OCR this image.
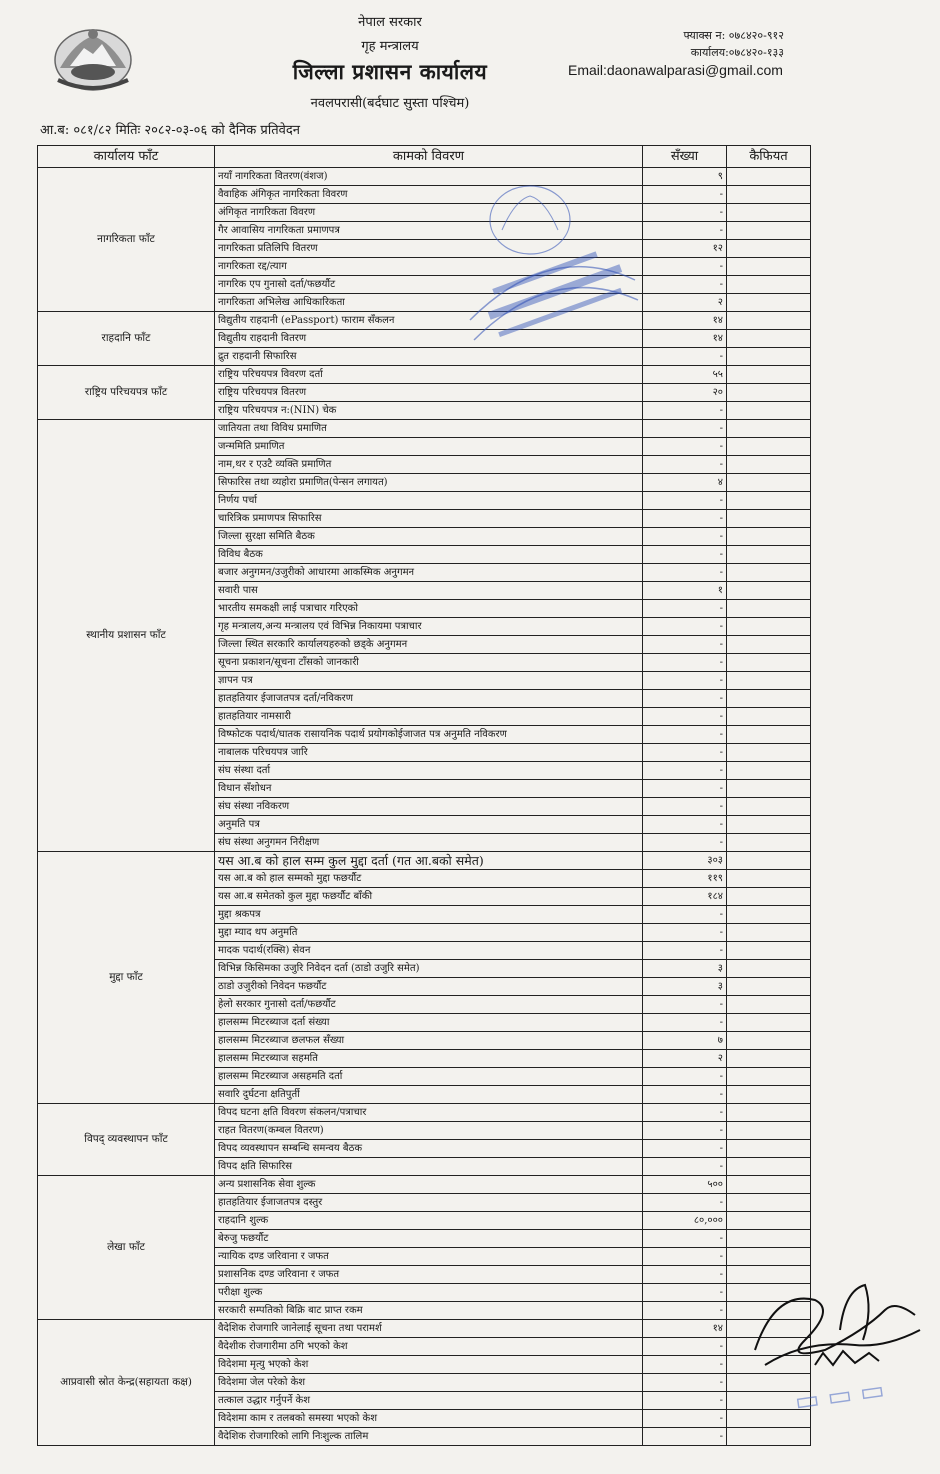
नेपाल सरकार
गृह मन्त्रालय
जिल्ला प्रशासन कार्यालय
नवलपरासी(बर्दघाट सुस्ता पश्चिम)
फ्याक्स न: ०७८४२०-९१२
कार्यालय:०७८४२०-१३३
Email:daonawalparasi@gmail.com
आ.ब: ०८१/८२ मितिः २०८२-०३-०६ को दैनिक प्रतिवेदन
कार्यालय फाँट	कामको विवरण	सँख्या	कैफियत
नागरिकता फाँट	नयाँ नागरिकता वितरण(वंशज)	९	
	वैवाहिक अंगिकृत नागरिकता विवरण	-	
	अंगिकृत नागरिकता विवरण	-	
	गैर आवासिय नागरिकता प्रमाणपत्र	-	
	नागरिकता प्रतिलिपि वितरण	१२	
	नागरिकता रद्द/त्याग	-	
	नागरिक एप गुनासो दर्ता/फछर्यौट	-	
	नागरिकता अभिलेख आधिकारिकता	२	
राहदानि फाँट	विद्युतीय राहदानी (ePassport) फाराम सँकलन	१४	
	विद्युतीय राहदानी वितरण	१४	
	द्रुत राहदानी सिफारिस	-	
राष्ट्रिय परिचयपत्र फाँट	राष्ट्रिय परिचयपत्र विवरण दर्ता	५५	
	राष्ट्रिय परिचयपत्र वितरण	२०	
	राष्ट्रिय परिचयपत्र न:(NIN) चेक	-	
स्थानीय प्रशासन फाँट	जातियता तथा विविध प्रमाणित	-	
	जन्ममिति प्रमाणित	-	
	नाम,थर र एउटै व्यक्ति प्रमाणित	-	
	सिफारिस तथा व्यहोरा प्रमाणित(पेन्सन लगायत)	४	
	निर्णय पर्चा	-	
	चारित्रिक प्रमाणपत्र सिफारिस	-	
	जिल्ला सुरक्षा समिति बैठक	-	
	विविध बैठक	-	
	बजार अनुगमन/उजुरीको आधारमा आकस्मिक अनुगमन	-	
	सवारी पास	१	
	भारतीय समकक्षी लाई पत्राचार गरिएको	-	
	गृह मन्त्रालय,अन्य मन्त्रालय एवं विभिन्न निकायमा पत्राचार	-	
	जिल्ला स्थित सरकारि कार्यालयहरुको छड्के अनुगमन	-	
	सूचना प्रकाशन/सूचना टाँसको जानकारी	-	
	ज्ञापन पत्र	-	
	हातहतियार ईजाजतपत्र दर्ता/नविकरण	-	
	हातहतियार नामसारी	-	
	विष्फोटक पदार्थ/घातक रासायनिक पदार्थ प्रयोगकोईजाजत पत्र अनुमति नविकरण	-	
	नाबालक परिचयपत्र जारि	-	
	संघ संस्था दर्ता	-	
	विधान सँशोधन	-	
	संघ संस्था नविकरण	-	
	अनुमति पत्र	-	
	संघ संस्था अनुगमन निरीक्षण	-	
मुद्दा फाँट	यस आ.ब को हाल सम्म कुल मुद्दा दर्ता (गत आ.बको समेत)	३०३	
	यस आ.ब को हाल सम्मको मुद्दा फछर्यौट	११९	
	यस आ.ब समेतको कुल मुद्दा फछर्यौट बाँकी	१८४	
	मुद्दा श्रकपत्र	-	
	मुद्दा म्याद थप अनुमति	-	
	मादक पदार्थ(रक्सि) सेवन	-	
	विभिन्न किसिमका उजुरि निवेदन दर्ता (ठाडो उजुरि समेत)	३	
	ठाडो उजुरीको निवेदन फछर्यौट	३	
	हेलो सरकार गुनासो दर्ता/फछर्यौट	-	
	हालसम्म मिटरब्याज दर्ता संख्या	-	
	हालसम्म मिटरब्याज छलफल सँख्या	७	
	हालसम्म मिटरब्याज सहमति	२	
	हालसम्म मिटरब्याज असहमति दर्ता	-	
	सवारि दुर्घटना क्षतिपुर्ती	-	
विपद् व्यवस्थापन फाँट	विपद घटना क्षति विवरण संकलन/पत्राचार	-	
	राहत वितरण(कम्बल वितरण)	-	
	विपद व्यवस्थापन सम्बन्धि समन्वय बैठक	-	
	विपद क्षति सिफारिस	-	
लेखा फाँट	अन्य प्रशासनिक सेवा शुल्क	५००	
	हातहतियार ईजाजतपत्र दस्तुर	-	
	राहदानि शुल्क	८०,०००	
	बेरुजु फछर्यौट	-	
	न्यायिक दण्ड जरिवाना र जफत	-	
	प्रशासनिक दण्ड जरिवाना र जफत	-	
	परीक्षा शुल्क	-	
	सरकारी सम्पतिको बिक्रि बाट प्राप्त रकम	-	
आप्रवासी स्रोत केन्द्र(सहायता कक्ष)	वैदेशिक रोजगारि जानेलाई सूचना तथा परामर्श	१४	
	वैदेशीक रोजगारीमा ठगि भएको केश	-	
	विदेशमा मृत्यु भएको केश	-	
	विदेशमा जेल परेको केश	-	
	तत्काल उद्धार गर्नुपर्ने केश	-	
	विदेशमा काम र तलबको समस्या भएको केश	-	
	वैदेशिक रोजगारिको लागि निःशुल्क तालिम	-	
▭ ▭ ▭
